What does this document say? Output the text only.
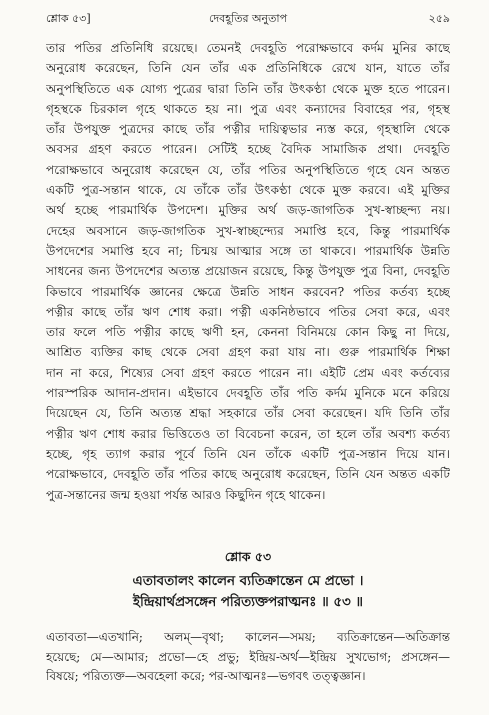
শ্লোক ৫৩]	দেবহূতির অনুতাপ	২৫৯
তার পতির প্রতিনিধি রয়েছে। তেমনই দেবহূতি পরোক্ষভাবে কর্দম মুনির কাছে
অনুরোধ করেছেন, তিনি যেন তাঁর এক প্রতিনিধিকে রেখে যান, যাতে তাঁর
অনুপস্থিতিতে এক যোগ্য পুত্রের দ্বারা তিনি তাঁর উৎকণ্ঠা থেকে মুক্ত হতে পারেন।
গৃহস্থকে চিরকাল গৃহে থাকতে হয় না। পুত্র এবং কন্যাদের বিবাহের পর, গৃহস্থ
তাঁর উপযুক্ত পুত্রদের কাছে তাঁর পত্নীর দায়িত্বভার ন্যস্ত করে, গৃহস্থালি থেকে
অবসর গ্রহণ করতে পারেন। সেটিই হচ্ছে বৈদিক সামাজিক প্রথা। দেবহূতি
পরোক্ষভাবে অনুরোধ করেছেন যে, তাঁর পতির অনুপস্থিতিতে গৃহে যেন অন্তত
একটি পুত্র-সন্তান থাকে, যে তাঁকে তাঁর উৎকণ্ঠা থেকে মুক্ত করবে। এই মুক্তির
অর্থ হচ্ছে পারমার্থিক উপদেশ। মুক্তির অর্থ জড়-জাগতিক সুখ-স্বাচ্ছন্দ্য নয়।
দেহের অবসানে জড়-জাগতিক সুখ-স্বাচ্ছন্দ্যের সমাপ্তি হবে, কিন্তু পারমার্থিক
উপদেশের সমাপ্তি হবে না; চিন্ময় আত্মার সঙ্গে তা থাকবে। পারমার্থিক উন্নতি
সাধনের জন্য উপদেশের অত্যন্ত প্রয়োজন রয়েছে, কিন্তু উপযুক্ত পুত্র বিনা, দেবহূতি
কিভাবে পারমার্থিক জ্ঞানের ক্ষেত্রে উন্নতি সাধন করবেন? পতির কর্তব্য হচ্ছে
পত্নীর কাছে তাঁর ঋণ শোধ করা। পত্নী একনিষ্ঠভাবে পতির সেবা করে, এবং
তার ফলে পতি পত্নীর কাছে ঋণী হন, কেননা বিনিময়ে কোন কিছু না দিয়ে,
আশ্রিত ব্যক্তির কাছ থেকে সেবা গ্রহণ করা যায় না। গুরু পারমার্থিক শিক্ষা
দান না করে, শিষ্যের সেবা গ্রহণ করতে পারেন না। এইটি প্রেম এবং কর্তব্যের
পারস্পরিক আদান-প্রদান। এইভাবে দেবহূতি তাঁর পতি কর্দম মুনিকে মনে করিয়ে
দিয়েছেন যে, তিনি অত্যন্ত শ্রদ্ধা সহকারে তাঁর সেবা করেছেন। যদি তিনি তাঁর
পত্নীর ঋণ শোধ করার ভিত্তিতেও তা বিবেচনা করেন, তা হলে তাঁর অবশ্য কর্তব্য
হচ্ছে, গৃহ ত্যাগ করার পূর্বে তিনি যেন তাঁকে একটি পুত্র-সন্তান দিয়ে যান।
পরোক্ষভাবে, দেবহূতি তাঁর পতির কাছে অনুরোধ করেছেন, তিনি যেন অন্তত একটি
পুত্র-সন্তানের জন্ম হওয়া পর্যন্ত আরও কিছুদিন গৃহে থাকেন।
শ্লোক ৫৩
এতাবতালং কালেন ব্যতিক্রান্তেন মে প্রভো ।
ইন্দ্রিয়ার্থপ্রসঙ্গেন পরিত্যক্তপরাত্মনঃ ॥ ৫৩ ॥
এতাবতা—এতখানি; অলম্—বৃথা; কালেন—সময়; ব্যতিক্রান্তেন—অতিক্রান্ত
হয়েছে; মে—আমার; প্রভো—হে প্রভু; ইন্দ্রিয়-অর্থ—ইন্দ্রিয় সুখভোগ; প্রসঙ্গেন—
বিষয়ে; পরিত্যক্ত—অবহেলা করে; পর-আত্মনঃ—ভগবৎ তত্ত্বজ্ঞান।
